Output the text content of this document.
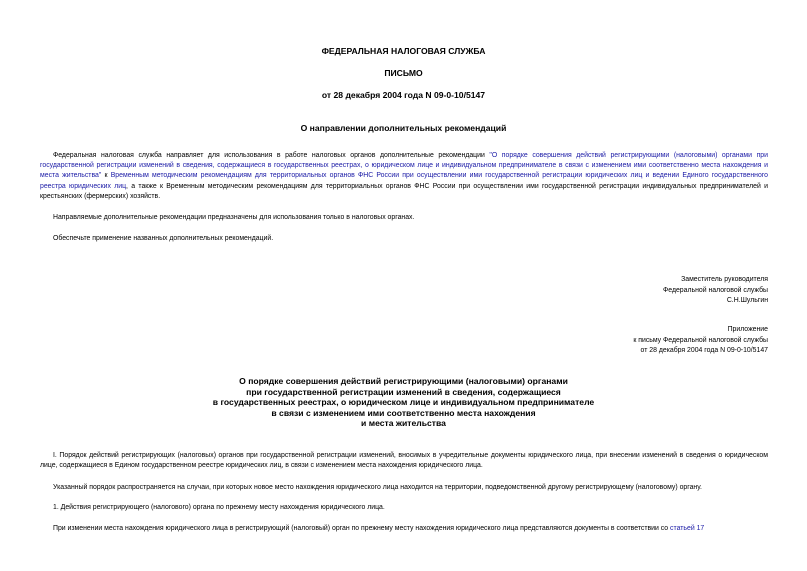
ФЕДЕРАЛЬНАЯ НАЛОГОВАЯ СЛУЖБА
ПИСЬМО
от 28 декабря 2004 года N 09-0-10/5147
О направлении дополнительных рекомендаций

Федеральная налоговая служба направляет для использования в работе налоговых органов дополнительные рекомендации "О порядке совершения действий регистрирующими (налоговыми) органами при государственной регистрации изменений в сведения, содержащиеся в государственных реестрах, о юридическом лице и индивидуальном предпринимателе в связи с изменением ими соответственно места нахождения и места жительства" к Временным методическим рекомендациям для территориальных органов ФНС России при осуществлении ими государственной регистрации юридических лиц и ведении Единого государственного реестра юридических лиц, а также к Временным методическим рекомендациям для территориальных органов ФНС России при осуществлении ими государственной регистрации индивидуальных предпринимателей и крестьянских (фермерских) хозяйств.

Направляемые дополнительные рекомендации предназначены для использования только в налоговых органах.

Обеспечьте применение названных дополнительных рекомендаций.

Заместитель руководителя
Федеральной налоговой службы
С.Н.Шульгин
Приложение
к письму Федеральной налоговой службы
от 28 декабря 2004 года N 09-0-10/5147
О порядке совершения действий регистрирующими (налоговыми) органами
при государственной регистрации изменений в сведения, содержащиеся
в государственных реестрах, о юридическом лице и индивидуальном предпринимателе
в связи с изменением ими соответственно места нахождения
и места жительства

I. Порядок действий регистрирующих (налоговых) органов при государственной регистрации изменений, вносимых в учредительные документы юридического лица, при внесении изменений в сведения о юридическом лице, содержащиеся в Едином государственном реестре юридических лиц, в связи с изменением места нахождения юридического лица.

Указанный порядок распространяется на случаи, при которых новое место нахождения юридического лица находится на территории, подведомственной другому регистрирующему (налоговому) органу.

1. Действия регистрирующего (налогового) органа по прежнему месту нахождения юридического лица.

При изменении места нахождения юридического лица в регистрирующий (налоговый) орган по прежнему месту нахождения юридического лица представляются документы в соответствии со статьей 17
